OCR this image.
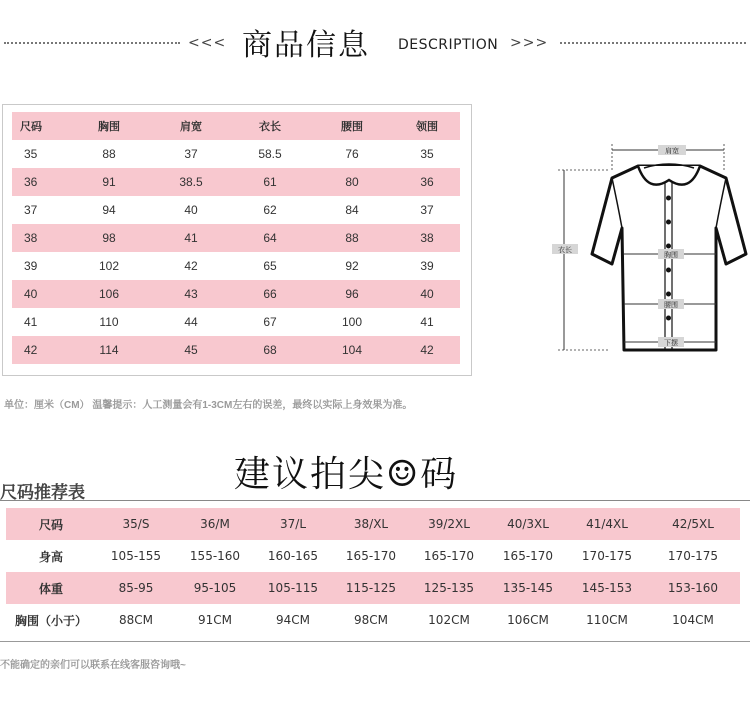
<<< 商品信息 DESCRIPTION >>>
尺码	胸围	肩宽	衣长	腰围	领围
35	88	37	58.5	76	35
36	91	38.5	61	80	36
37	94	40	62	84	37
38	98	41	64	88	38
39	102	42	65	92	39
40	106	43	66	96	40
41	110	44	67	100	41
42	114	45	68	104	42
单位：厘米（CM） 温馨提示：人工测量会有1-3CM左右的误差，最终以实际上身效果为准。
肩宽
衣长
胸围
腰围
下摆
建议拍尖☺码
尺码推荐表
尺码	35/S	36/M	37/L	38/XL	39/2XL	40/3XL	41/4XL	42/5XL
身高	105-155	155-160	160-165	165-170	165-170	165-170	170-175	170-175
体重	85-95	95-105	105-115	115-125	125-135	135-145	145-153	153-160
胸围（小于）	88CM	91CM	94CM	98CM	102CM	106CM	110CM	104CM
不能确定的亲们可以联系在线客服咨询哦~
